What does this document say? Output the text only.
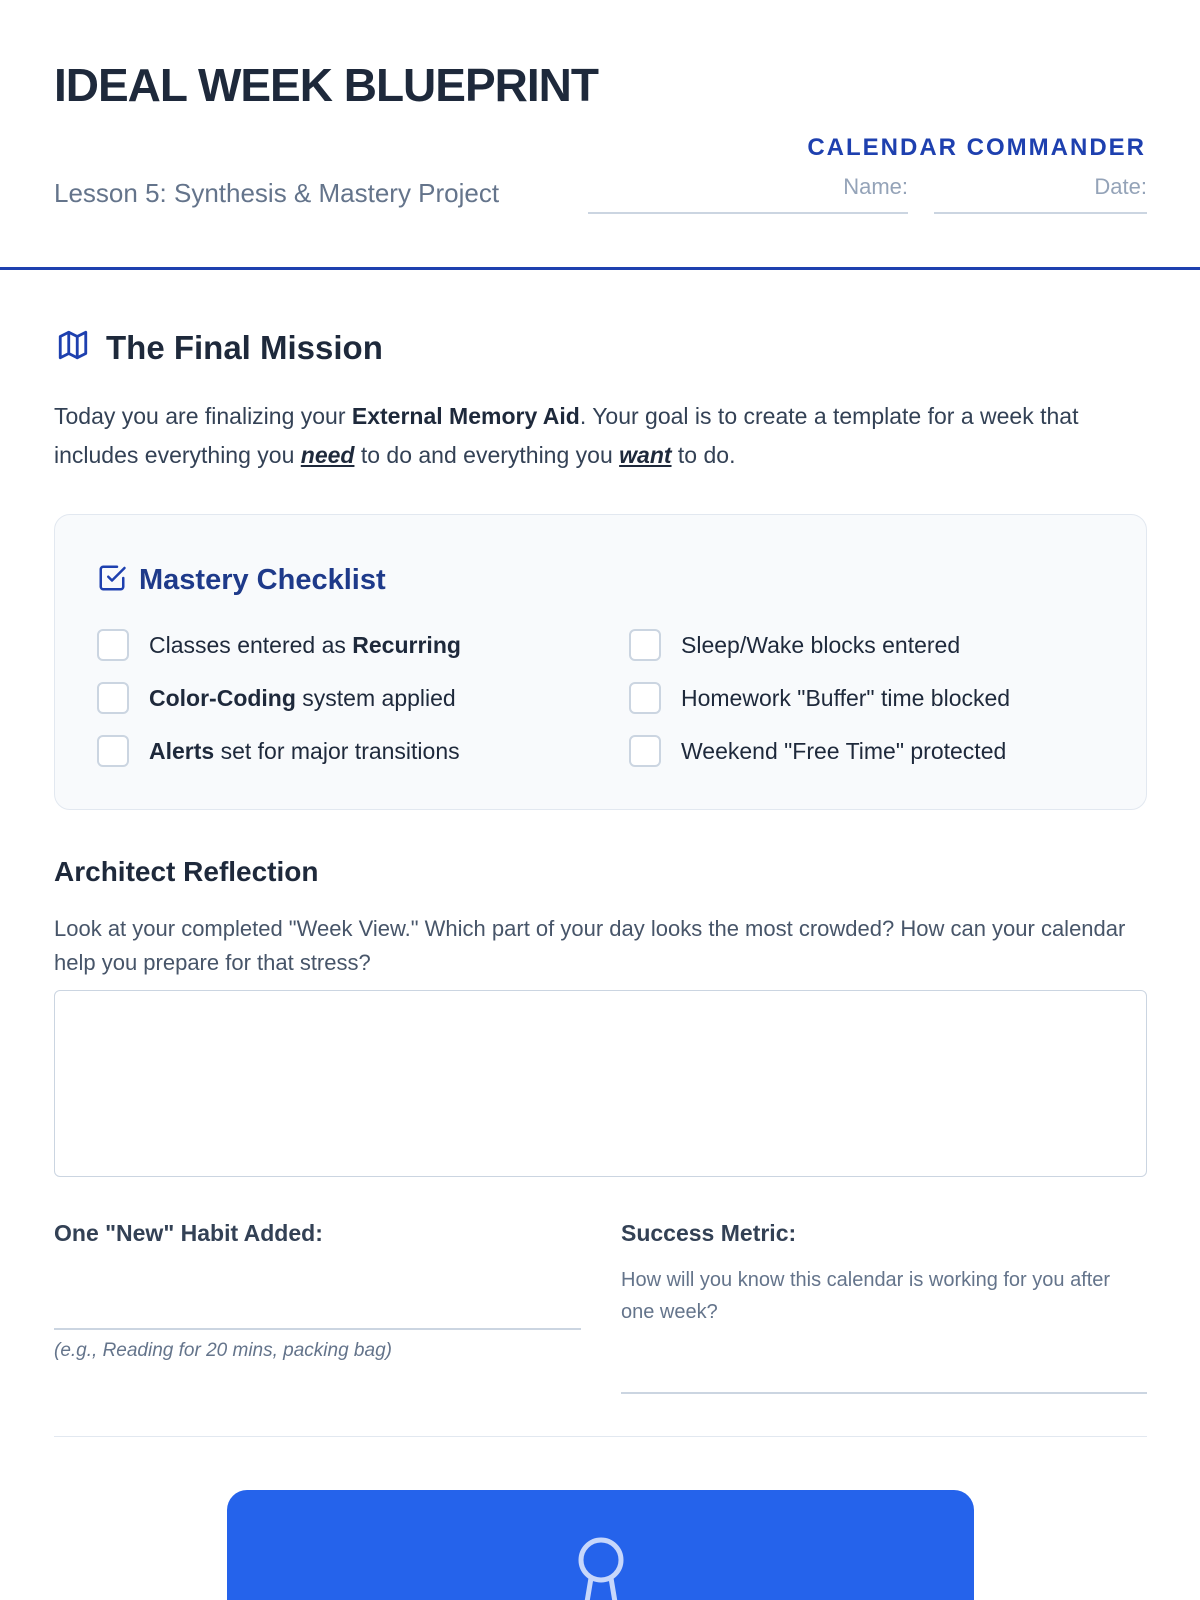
IDEAL WEEK BLUEPRINT
Lesson 5: Synthesis & Mastery Project
CALENDAR COMMANDER
Name:	Date:
The Final Mission

Today you are finalizing your External Memory Aid. Your goal is to create a template for a week that includes everything you need to do and everything you want to do.

Mastery Checklist
Classes entered as Recurring
Color-Coding system applied
Alerts set for major transitions
Sleep/Wake blocks entered
Homework "Buffer" time blocked
Weekend "Free Time" protected
Architect Reflection

Look at your completed "Week View." Which part of your day looks the most crowded? How can your calendar help you prepare for that stress?

One "New" Habit Added:
(e.g., Reading for 20 mins, packing bag)
Success Metric:

How will you know this calendar is working for you after one week?
